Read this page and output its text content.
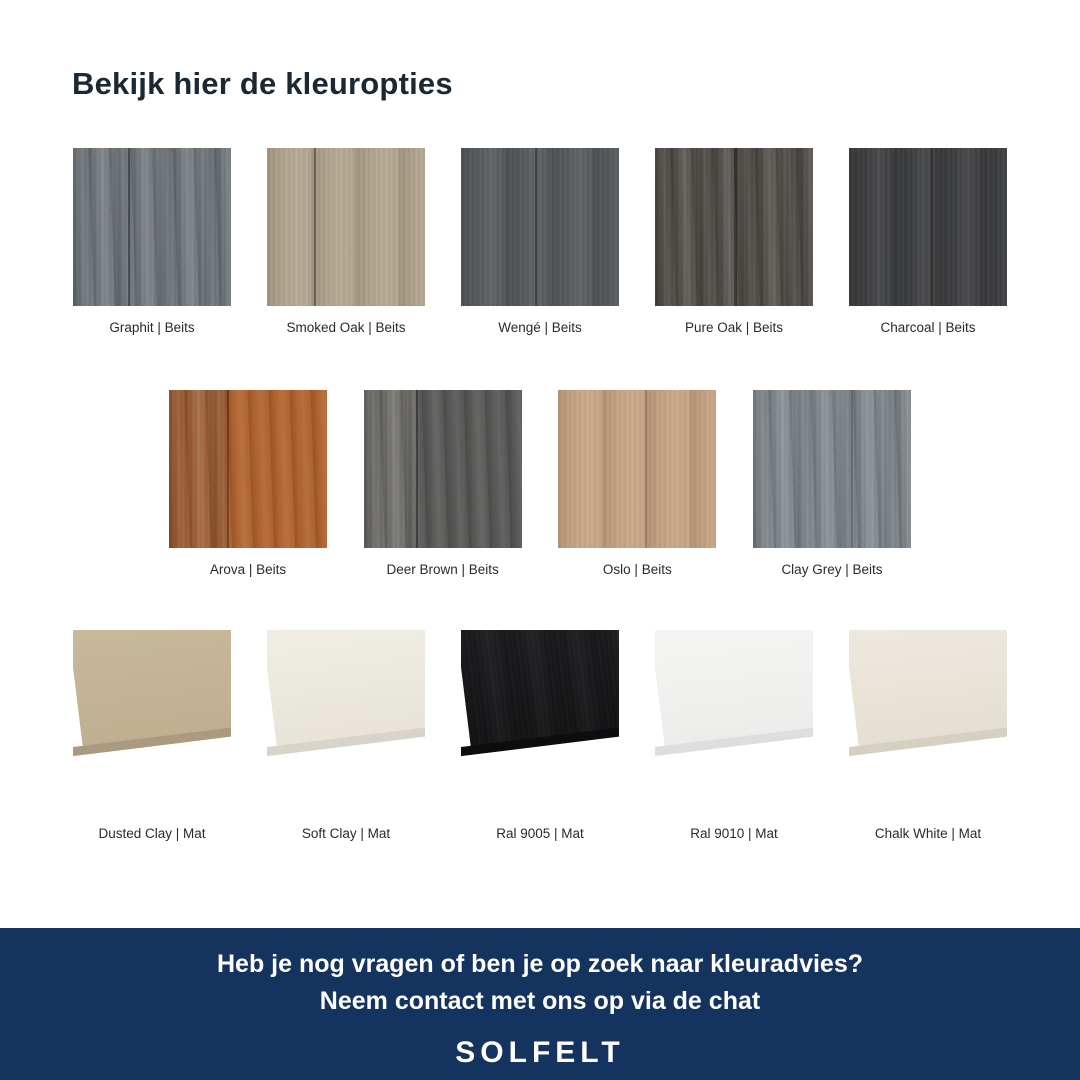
Bekijk hier de kleuropties
Graphit | Beits	Smoked Oak | Beits	Wengé | Beits	Pure Oak | Beits	Charcoal | Beits
Arova | Beits	Deer Brown | Beits	Oslo | Beits	Clay Grey | Beits
Dusted Clay | Mat	Soft Clay | Mat	Ral 9005 | Mat	Ral 9010 | Mat	Chalk White | Mat
Heb je nog vragen of ben je op zoek naar kleuradvies?
Neem contact met ons op via de chat
SOLFELT
